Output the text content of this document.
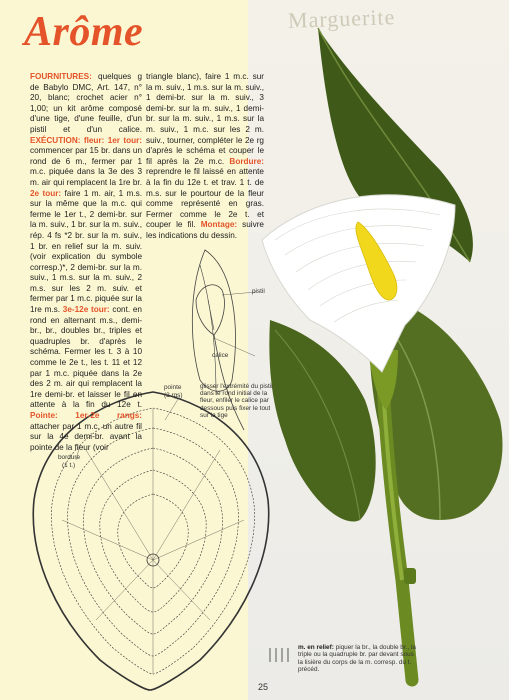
Marguerite
Arôme

FOURNITURES: quelques g de Babylo DMC, Art. 147, n° 20, blanc; crochet acier n° 1,00; un kit arôme composé d'une tige, d'une feuille, d'un pistil et d'un calice. EXÉCUTION: fleur: 1er tour: commencer par 15 br. dans un rond de 6 m., fermer par 1 m.c. piquée dans la 3e des 3 m. air qui remplacent la 1re br. 2e tour: faire 1 m. air, 1 m.s. sur la même que la m.c. qui ferme le 1er t., 2 demi-br. sur la m. suiv., 1 br. sur la m. suiv., rép. 4 fs *2 br. sur la m. suiv., 1 br. en relief sur la m. suiv. (voir explication du symbole corresp.)*, 2 demi-br. sur la m. suiv., 1 m.s. sur la m. suiv., 2 m.s. sur les 2 m. suiv. et fermer par 1 m.c. piquée sur la 1re m.s. 3e-12e tour: cont. en rond en alternant m.s., demi-br., br., doubles br., triples et quadruples br. d'après le schéma. Fermer les t. 3 à 10 comme le 2e t., les t. 11 et 12 par 1 m.c. piquée dans la 2e des 2 m. air qui remplacent la 1re demi-br. et laisser le fil en attente à la fin du 12e t. Pointe: 1er-2e rangs: attacher par 1 m.c. un autre fil sur la 4e demi-br. avant la pointe de la fleur (voir

triangle blanc), faire 1 m.c. sur la m. suiv., 1 m.s. sur la m. suiv., 1 demi-br. sur la m. suiv., 3 demi-br. sur la m. suiv., 1 demi-br. sur la m. suiv., 1 m.s. sur la m. suiv., 1 m.c. sur les 2 m. suiv., tourner, compléter le 2e rg d'après le schéma et couper le fil après la 2e m.c. Bordure: reprendre le fil laissé en attente à la fin du 12e t. et trav. 1 t. de m.s. sur le pourtour de la fleur comme représenté en gras. Fermer comme le 2e t. et couper le fil. Montage: suivre les indications du dessin.

pistil
calice
glisser l'extrémité du pistil dans le rond initial de la fleur, enfiler le calice par dessous puis fixer le tout sur la tige
pointe
(2 rgs)
bordure
(1 t.)
m. en relief: piquer la br., la double br., la triple ou la quadruple br. par devant sous la lisière du corps de la m. corresp. du t. précéd.
25
